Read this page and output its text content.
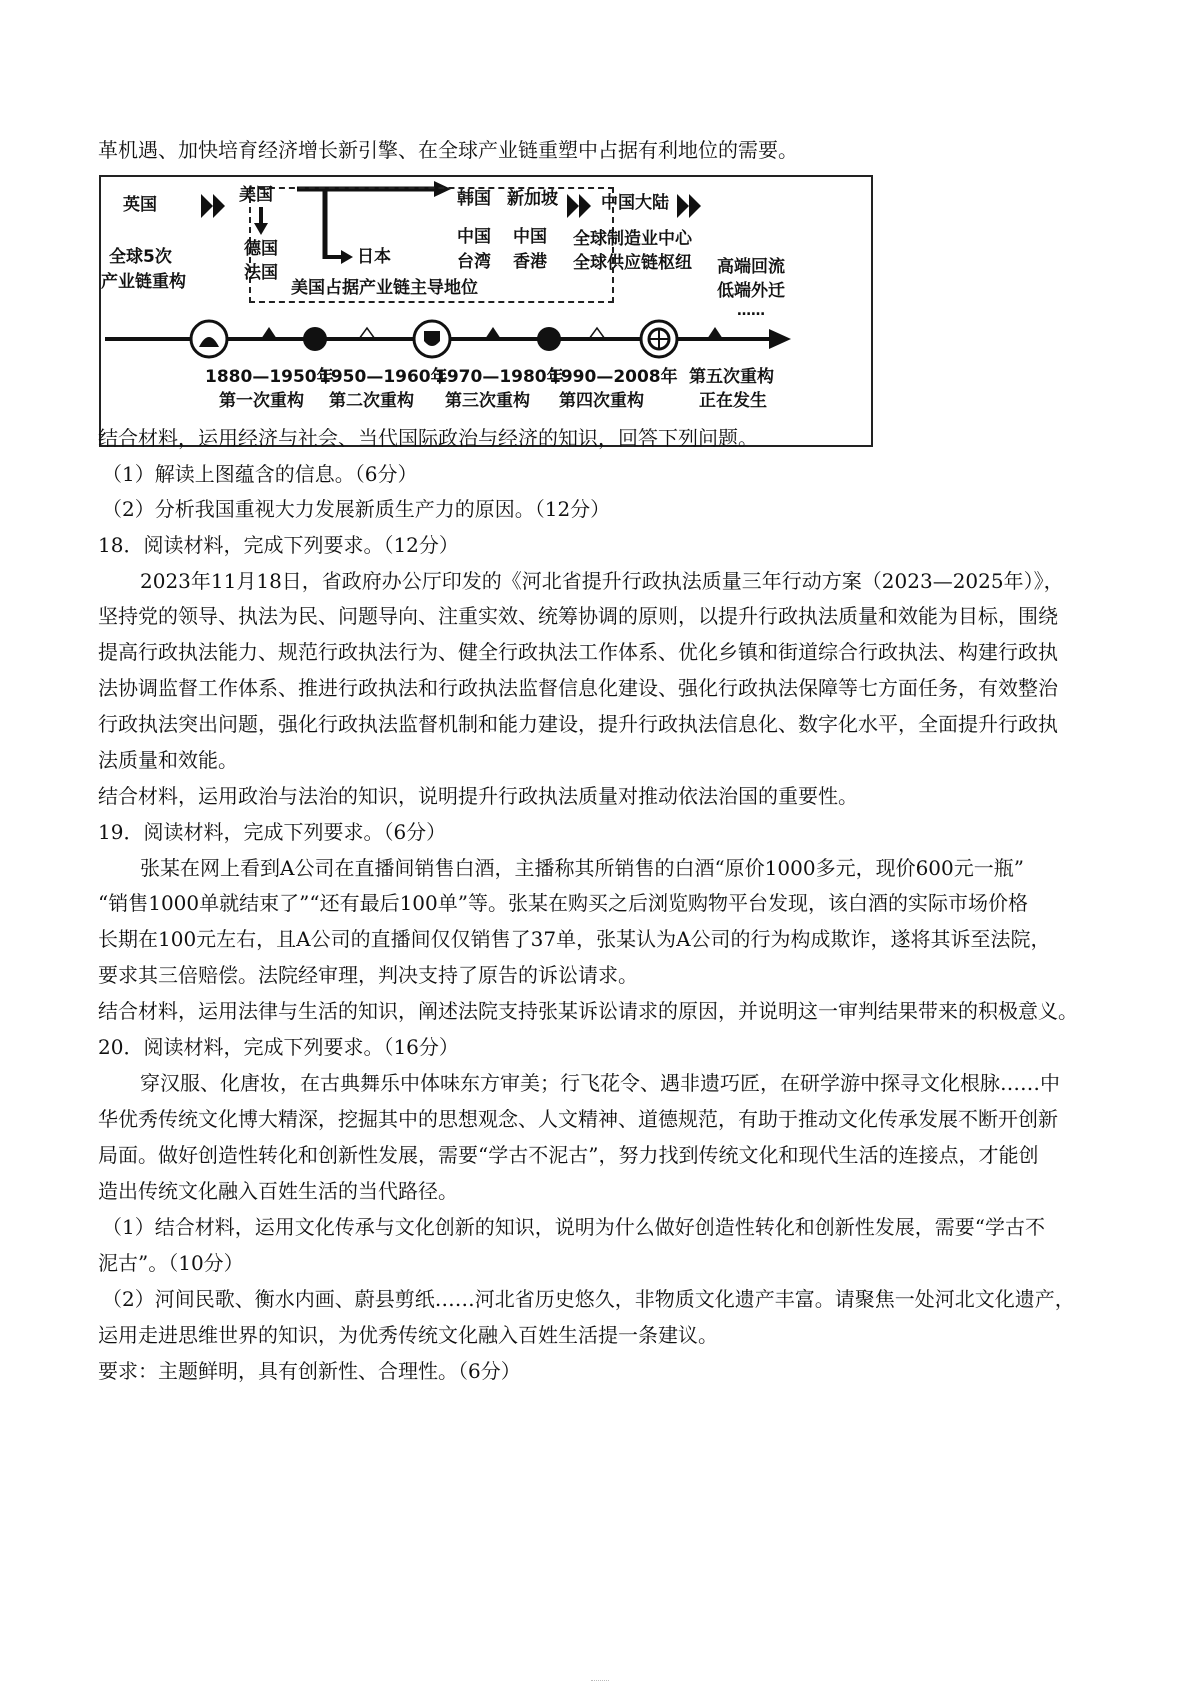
革机遇、加快培育经济增长新引擎、在全球产业链重塑中占据有利地位的需要。
英国	美国
德国
法国
日本
美国占据产业链主导地位
全球5次
产业链重构
韩国 新加坡
中国
台湾
中国
香港
中国大陆
全球制造业中心
全球供应链枢纽 高端回流
低端外迁
……
1880—1950年
第一次重构
1950—1960年
第二次重构
1970—1980年
第三次重构
1990—2008年
第四次重构
第五次重构
正在发生
结合材料，运用经济与社会、当代国际政治与经济的知识，回答下列问题。
（1）解读上图蕴含的信息。（6分）
（2）分析我国重视大力发展新质生产力的原因。（12分）
18．阅读材料，完成下列要求。（12分）
2023年11月18日，省政府办公厅印发的《河北省提升行政执法质量三年行动方案（2023—2025年）》，
坚持党的领导、执法为民、问题导向、注重实效、统筹协调的原则，以提升行政执法质量和效能为目标，围绕
提高行政执法能力、规范行政执法行为、健全行政执法工作体系、优化乡镇和街道综合行政执法、构建行政执
法协调监督工作体系、推进行政执法和行政执法监督信息化建设、强化行政执法保障等七方面任务，有效整治
行政执法突出问题，强化行政执法监督机制和能力建设，提升行政执法信息化、数字化水平，全面提升行政执
法质量和效能。
结合材料，运用政治与法治的知识，说明提升行政执法质量对推动依法治国的重要性。
19．阅读材料，完成下列要求。（6分）
张某在网上看到A公司在直播间销售白酒，主播称其所销售的白酒“原价1000多元，现价600元一瓶”
“销售1000单就结束了”“还有最后100单”等。张某在购买之后浏览购物平台发现，该白酒的实际市场价格
长期在100元左右，且A公司的直播间仅仅销售了37单，张某认为A公司的行为构成欺诈，遂将其诉至法院，
要求其三倍赔偿。法院经审理，判决支持了原告的诉讼请求。
结合材料，运用法律与生活的知识，阐述法院支持张某诉讼请求的原因，并说明这一审判结果带来的积极意义。
20．阅读材料，完成下列要求。（16分）
穿汉服、化唐妆，在古典舞乐中体味东方审美；行飞花令、遇非遗巧匠，在研学游中探寻文化根脉……中
华优秀传统文化博大精深，挖掘其中的思想观念、人文精神、道德规范，有助于推动文化传承发展不断开创新
局面。做好创造性转化和创新性发展，需要“学古不泥古”，努力找到传统文化和现代生活的连接点，才能创
造出传统文化融入百姓生活的当代路径。
（1）结合材料，运用文化传承与文化创新的知识，说明为什么做好创造性转化和创新性发展，需要“学古不
泥古”。（10分）
（2）河间民歌、衡水内画、蔚县剪纸……河北省历史悠久，非物质文化遗产丰富。请聚焦一处河北文化遗产，
运用走进思维世界的知识，为优秀传统文化融入百姓生活提一条建议。
要求：主题鲜明，具有创新性、合理性。（6分）
